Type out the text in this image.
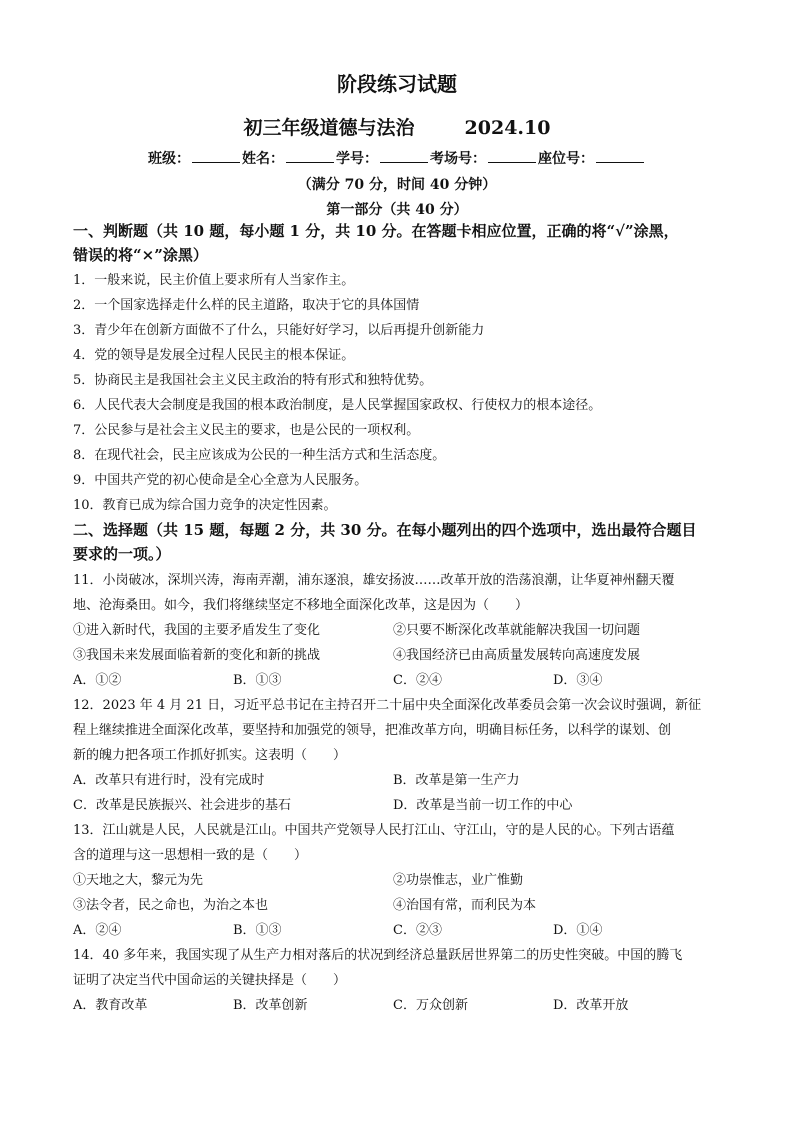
阶段练习试题
初三年级道德与法治	2024.10
班级：	姓名：	学号：	考场号：	座位号：
（满分 70 分，时间 40 分钟）
第一部分（共 40 分）
一、判断题（共 10 题，每小题 1 分，共 10 分。在答题卡相应位置，正确的将“√”涂黑，
错误的将“×”涂黑）
1．一般来说，民主价值上要求所有人当家作主。
2．一个国家选择走什么样的民主道路，取决于它的具体国情
3．青少年在创新方面做不了什么，只能好好学习，以后再提升创新能力
4．党的领导是发展全过程人民民主的根本保证。
5．协商民主是我国社会主义民主政治的特有形式和独特优势。
6．人民代表大会制度是我国的根本政治制度，是人民掌握国家政权、行使权力的根本途径。
7．公民参与是社会主义民主的要求，也是公民的一项权利。
8．在现代社会，民主应该成为公民的一种生活方式和生活态度。
9．中国共产党的初心使命是全心全意为人民服务。
10．教育已成为综合国力竞争的决定性因素。
二、选择题（共 15 题，每题 2 分，共 30 分。在每小题列出的四个选项中，选出最符合题目
要求的一项。）
11．小岗破冰，深圳兴涛，海南弄潮，浦东逐浪，雄安扬波……改革开放的浩荡浪潮，让华夏神州翻天覆
地、沧海桑田。如今，我们将继续坚定不移地全面深化改革，这是因为（　　）
①进入新时代，我国的主要矛盾发生了变化	②只要不断深化改革就能解决我国一切问题
③我国未来发展面临着新的变化和新的挑战	④我国经济已由高质量发展转向高速度发展
A．①②	B．①③	C．②④	D．③④
12．2023 年 4 月 21 日，习近平总书记在主持召开二十届中央全面深化改革委员会第一次会议时强调，新征
程上继续推进全面深化改革，要坚持和加强党的领导，把准改革方向，明确目标任务，以科学的谋划、创
新的魄力把各项工作抓好抓实。这表明（　　）
A．改革只有进行时，没有完成时	B．改革是第一生产力
C．改革是民族振兴、社会进步的基石	D．改革是当前一切工作的中心
13．江山就是人民，人民就是江山。中国共产党领导人民打江山、守江山，守的是人民的心。下列古语蕴
含的道理与这一思想相一致的是（　　）
①天地之大，黎元为先	②功崇惟志，业广惟勤
③法令者，民之命也，为治之本也	④治国有常，而利民为本
A．②④	B．①③	C．②③	D．①④
14．40 多年来，我国实现了从生产力相对落后的状况到经济总量跃居世界第二的历史性突破。中国的腾飞
证明了决定当代中国命运的关键抉择是（　　）
A．教育改革	B．改革创新	C．万众创新	D．改革开放
